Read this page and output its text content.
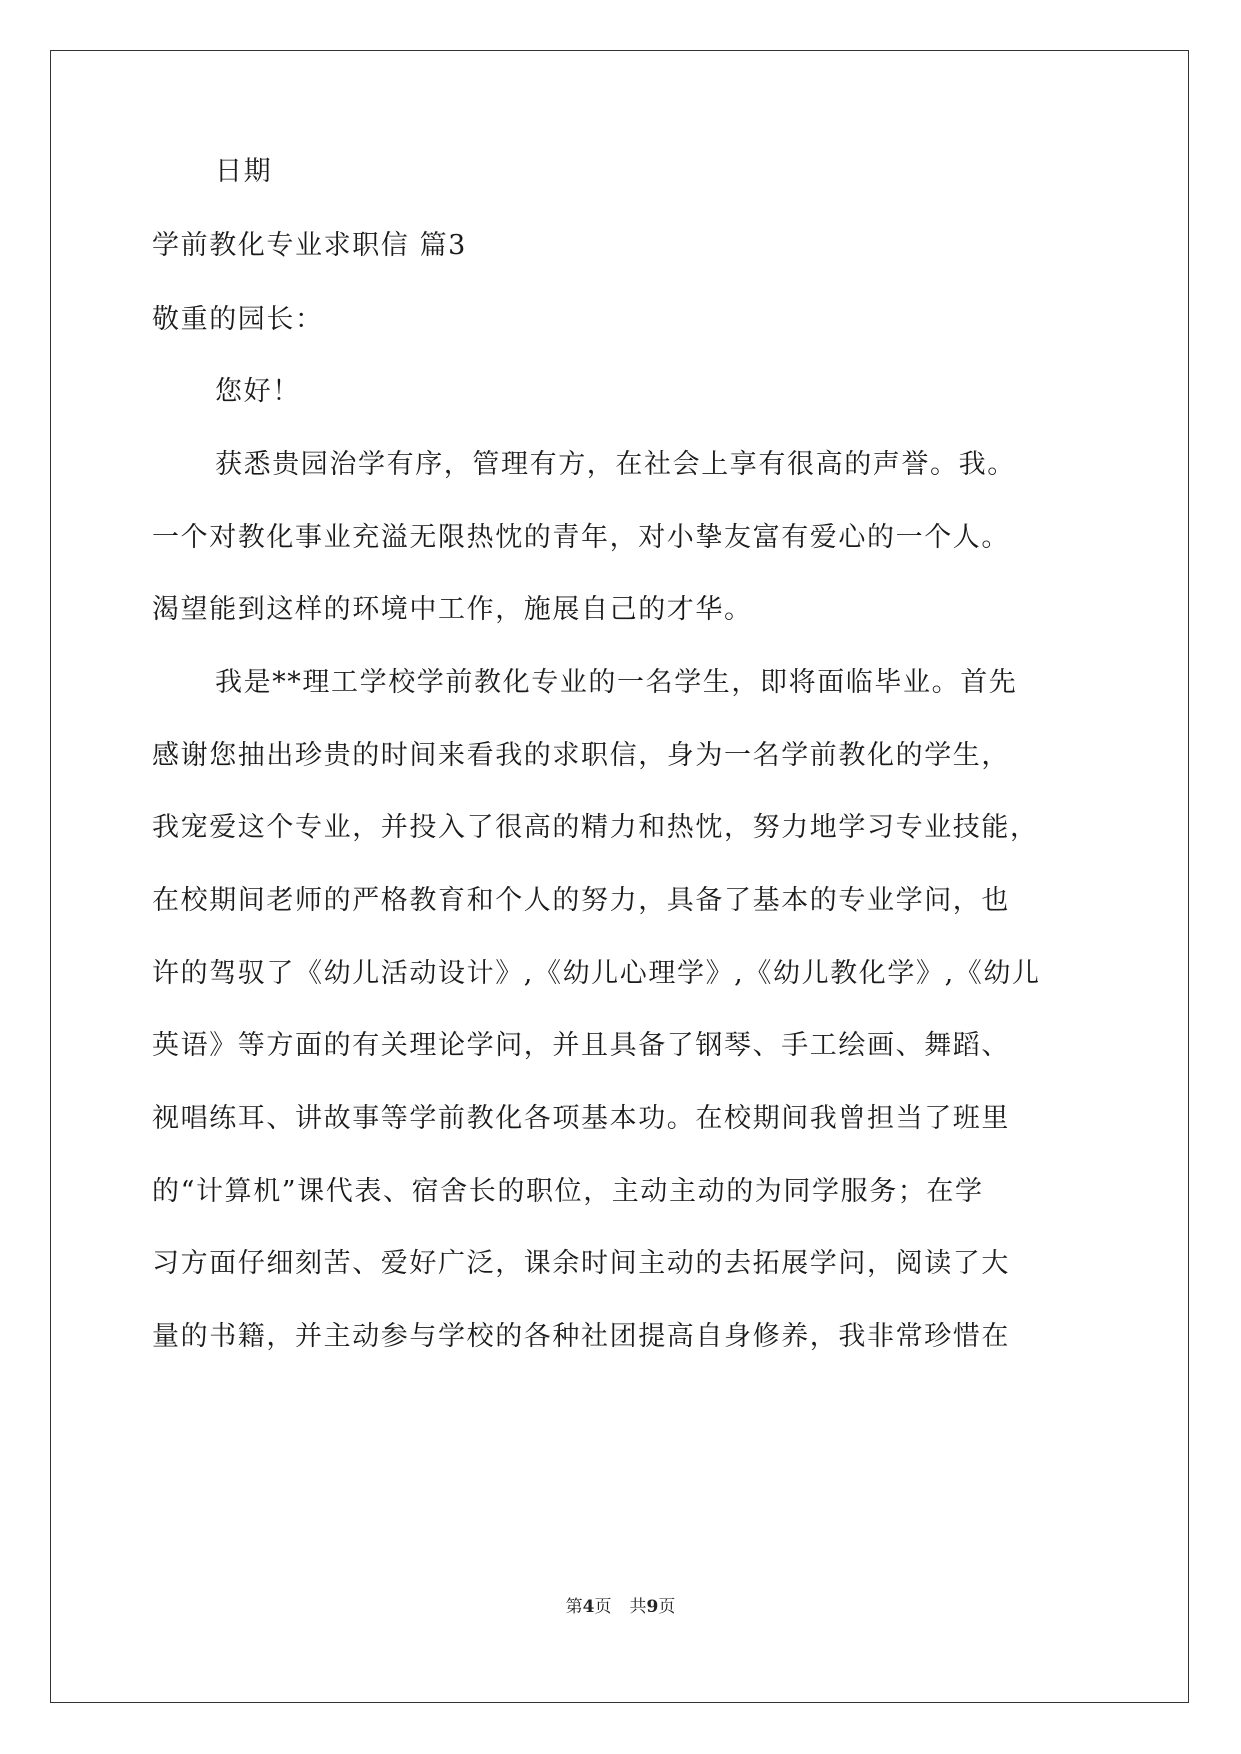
日期
学前教化专业求职信 篇3
敬重的园长：
您好！
获悉贵园治学有序，管理有方，在社会上享有很高的声誉。我。
一个对教化事业充溢无限热忱的青年，对小挚友富有爱心的一个人。
渴望能到这样的环境中工作，施展自己的才华。
我是**理工学校学前教化专业的一名学生，即将面临毕业。首先
感谢您抽出珍贵的时间来看我的求职信，身为一名学前教化的学生，
我宠爱这个专业，并投入了很高的精力和热忱，努力地学习专业技能，
在校期间老师的严格教育和个人的努力，具备了基本的专业学问，也
许的驾驭了《幼儿活动设计》,《幼儿心理学》,《幼儿教化学》,《幼儿
英语》等方面的有关理论学问，并且具备了钢琴、手工绘画、舞蹈、
视唱练耳、讲故事等学前教化各项基本功。在校期间我曾担当了班里
的“计算机”课代表、宿舍长的职位，主动主动的为同学服务；在学
习方面仔细刻苦、爱好广泛，课余时间主动的去拓展学问，阅读了大
量的书籍，并主动参与学校的各种社团提高自身修养，我非常珍惜在
第4页 共9页
